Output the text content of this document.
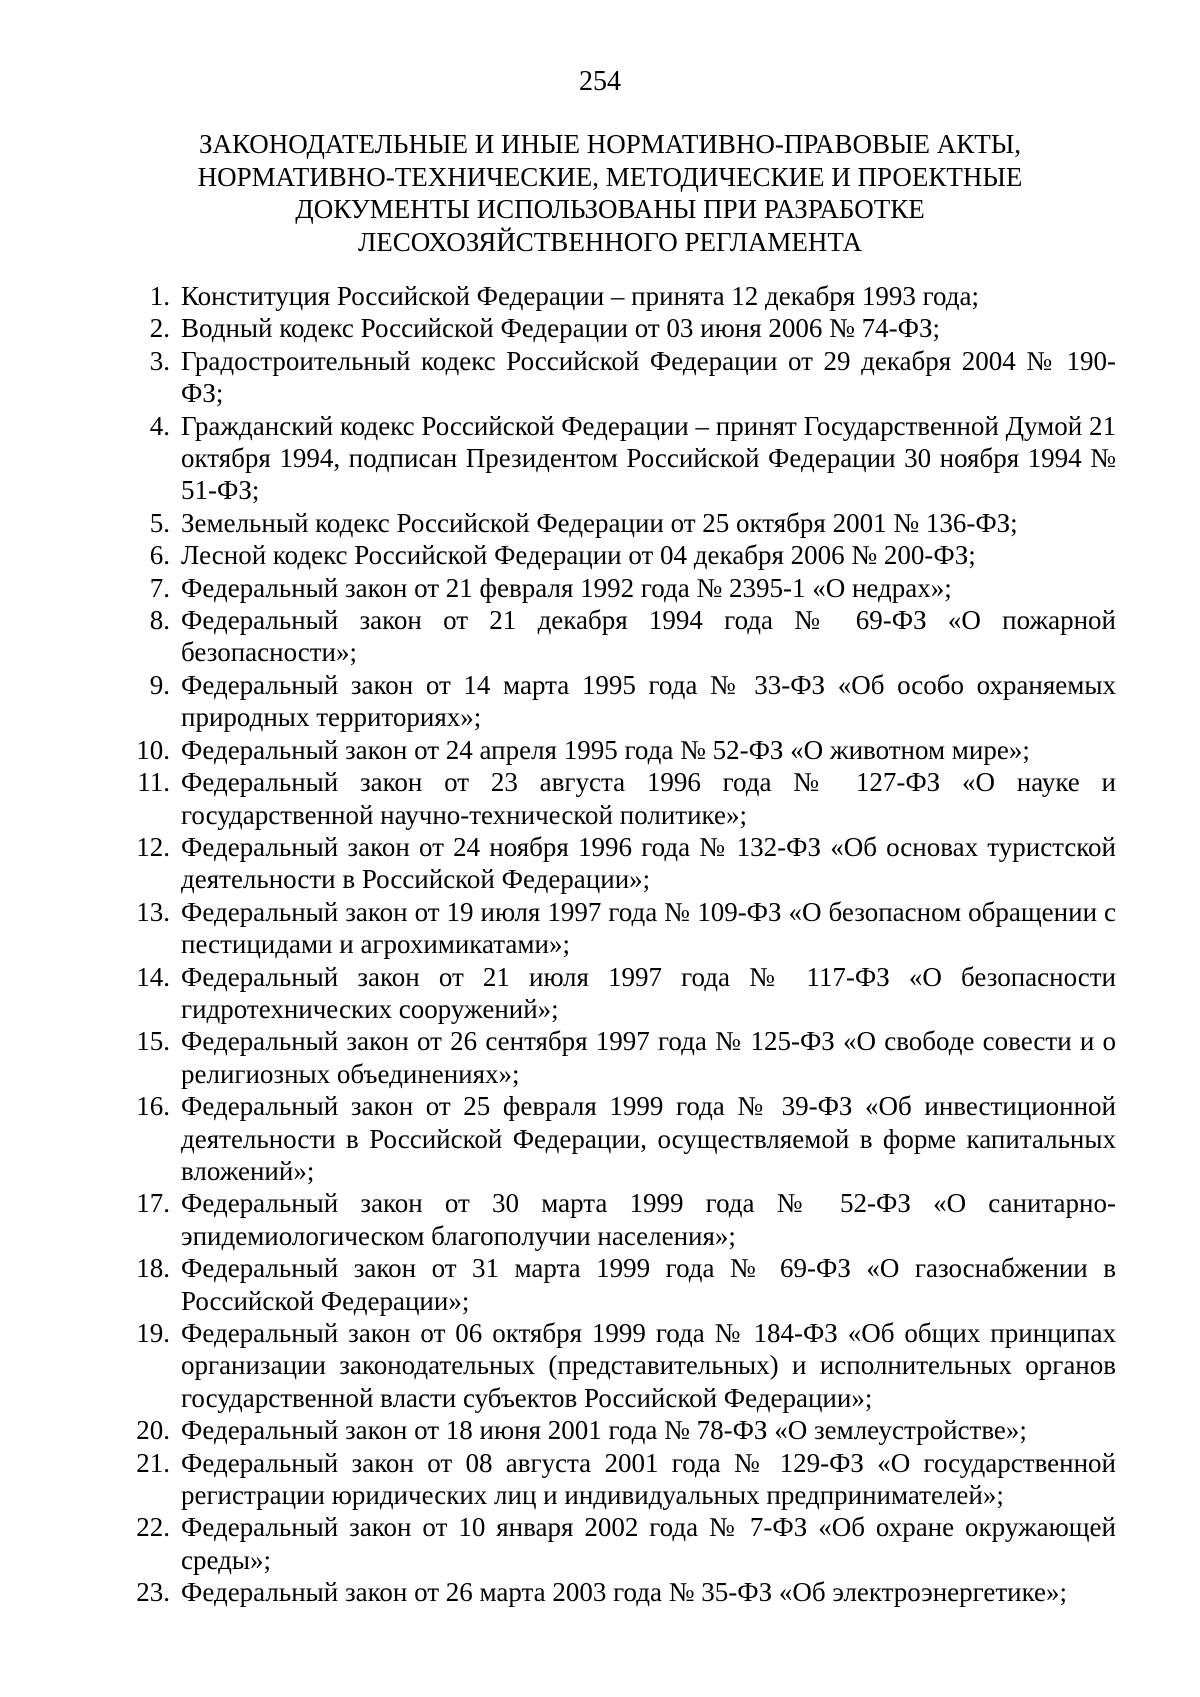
254
ЗАКОНОДАТЕЛЬНЫЕ И ИНЫЕ НОРМАТИВНО-ПРАВОВЫЕ АКТЫ,
НОРМАТИВНО-ТЕХНИЧЕСКИЕ, МЕТОДИЧЕСКИЕ И ПРОЕКТНЫЕ
ДОКУМЕНТЫ ИСПОЛЬЗОВАНЫ ПРИ РАЗРАБОТКЕ
ЛЕСОХОЗЯЙСТВЕННОГО РЕГЛАМЕНТА
1. Конституция Российской Федерации – принята 12 декабря 1993 года;
2. Водный кодекс Российской Федерации от 03 июня 2006 № 74-ФЗ;
3. Градостроительный кодекс Российской Федерации от 29 декабря 2004 № 190-ФЗ;
4. Гражданский кодекс Российской Федерации – принят Государственной Думой 21 октября 1994, подписан Президентом Российской Федерации 30 ноября 1994 № 51-ФЗ;
5. Земельный кодекс Российской Федерации от 25 октября 2001 № 136-ФЗ;
6. Лесной кодекс Российской Федерации от 04 декабря 2006 № 200-ФЗ;
7. Федеральный закон от 21 февраля 1992 года № 2395-1 «О недрах»;
8. Федеральный закон от 21 декабря 1994 года № 69-ФЗ «О пожарной безопасности»;
9. Федеральный закон от 14 марта 1995 года № 33-ФЗ «Об особо охраняемых природных территориях»;
10. Федеральный закон от 24 апреля 1995 года № 52-ФЗ «О животном мире»;
11. Федеральный закон от 23 августа 1996 года № 127-ФЗ «О науке и государственной научно-технической политике»;
12. Федеральный закон от 24 ноября 1996 года № 132-ФЗ «Об основах туристской деятельности в Российской Федерации»;
13. Федеральный закон от 19 июля 1997 года № 109-ФЗ «О безопасном обращении с пестицидами и агрохимикатами»;
14. Федеральный закон от 21 июля 1997 года № 117-ФЗ «О безопасности гидротехнических сооружений»;
15. Федеральный закон от 26 сентября 1997 года № 125-ФЗ «О свободе совести и о религиозных объединениях»;
16. Федеральный закон от 25 февраля 1999 года № 39-ФЗ «Об инвестиционной деятельности в Российской Федерации, осуществляемой в форме капитальных вложений»;
17. Федеральный закон от 30 марта 1999 года № 52-ФЗ «О санитарно-эпидемиологическом благополучии населения»;
18. Федеральный закон от 31 марта 1999 года № 69-ФЗ «О газоснабжении в Российской Федерации»;
19. Федеральный закон от 06 октября 1999 года № 184-ФЗ «Об общих принципах организации законодательных (представительных) и исполнительных органов государственной власти субъектов Российской Федерации»;
20. Федеральный закон от 18 июня 2001 года № 78-ФЗ «О землеустройстве»;
21. Федеральный закон от 08 августа 2001 года № 129-ФЗ «О государственной регистрации юридических лиц и индивидуальных предпринимателей»;
22. Федеральный закон от 10 января 2002 года № 7-ФЗ «Об охране окружающей среды»;
23. Федеральный закон от 26 марта 2003 года № 35-ФЗ «Об электроэнергетике»;
